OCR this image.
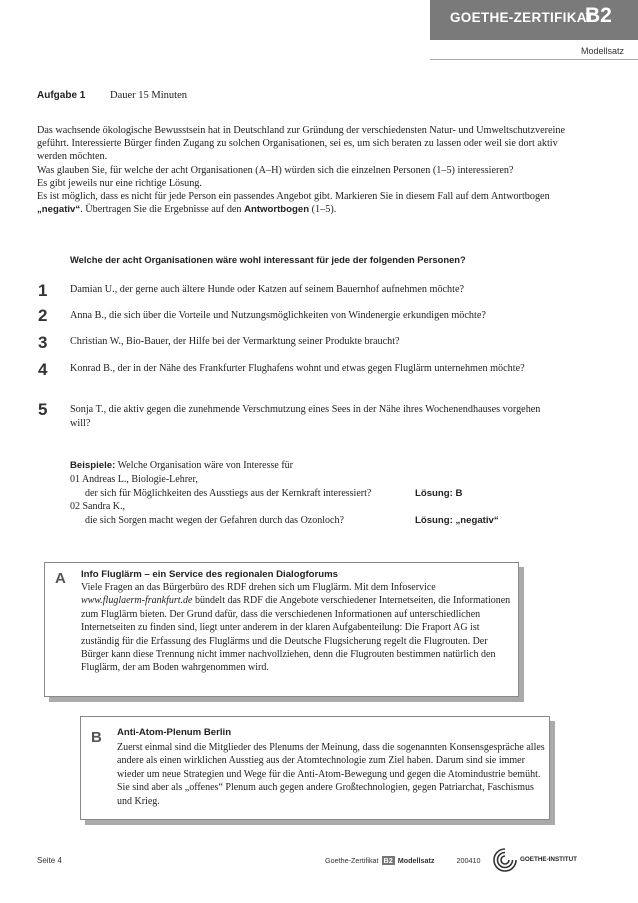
GOETHE-ZERTIFIKAT
B2
Modellsatz
Aufgabe 1 Dauer 15 Minuten
Das wachsende ökologische Bewusstsein hat in Deutschland zur Gründung der verschiedensten Natur- und Umweltschutzvereine geführt. Interessierte Bürger finden Zugang zu solchen Organisationen, sei es, um sich beraten zu lassen oder weil sie dort aktiv werden möchten.
Was glauben Sie, für welche der acht Organisationen (A–H) würden sich die einzelnen Personen (1–5) interessieren?
Es gibt jeweils nur eine richtige Lösung.
Es ist möglich, dass es nicht für jede Person ein passendes Angebot gibt. Markieren Sie in diesem Fall auf dem Antwortbogen „negativ“. Übertragen Sie die Ergebnisse auf den Antwortbogen (1–5).
Welche der acht Organisationen wäre wohl interessant für jede der folgenden Personen?
1 Damian U., der gerne auch ältere Hunde oder Katzen auf seinem Bauernhof aufnehmen möchte?
2 Anna B., die sich über die Vorteile und Nutzungsmöglichkeiten von Windenergie erkundigen möchte?
3 Christian W., Bio-Bauer, der Hilfe bei der Vermarktung seiner Produkte braucht?
4 Konrad B., der in der Nähe des Frankfurter Flughafens wohnt und etwas gegen Fluglärm unternehmen möchte?
5 Sonja T., die aktiv gegen die zunehmende Verschmutzung eines Sees in der Nähe ihres Wochenendhauses vorgehen will?
Beispiele: Welche Organisation wäre von Interesse für
01 Andreas L., Biologie-Lehrer,
der sich für Möglichkeiten des Ausstiegs aus der Kernkraft interessiert?	Lösung: B
02 Sandra K.,
die sich Sorgen macht wegen der Gefahren durch das Ozonloch?	Lösung: „negativ“
A Info Fluglärm – ein Service des regionalen Dialogforums
Viele Fragen an das Bürgerbüro des RDF drehen sich um Fluglärm. Mit dem Infoservice
www.fluglaerm-frankfurt.de bündelt das RDF die Angebote verschiedener Internetseiten, die Informationen zum Fluglärm bieten. Der Grund dafür, dass die verschiedenen Informationen auf unterschiedlichen Internetseiten zu finden sind, liegt unter anderem in der klaren Aufgabenteilung: Die Fraport AG ist zuständig für die Erfassung des Fluglärms und die Deutsche Flugsicherung regelt die Flugrouten. Der Bürger kann diese Trennung nicht immer nachvollziehen, denn die Flugrouten bestimmen natürlich den Fluglärm, der am Boden wahrgenommen wird.
B Anti-Atom-Plenum Berlin
Zuerst einmal sind die Mitglieder des Plenums der Meinung, dass die sogenannten Konsensgespräche alles andere als einen wirklichen Ausstieg aus der Atomtechnologie zum Ziel haben. Darum sind sie immer wieder um neue Strategien und Wege für die Anti-Atom-Bewegung und gegen die Atomindustrie bemüht. Sie sind aber als „offenes“ Plenum auch gegen andere Großtechnologien, gegen Patriarchat, Faschismus und Krieg.
Seite 4	Goethe-Zertifikat B2 Modellsatz	200410	GOETHE-INSTITUT
